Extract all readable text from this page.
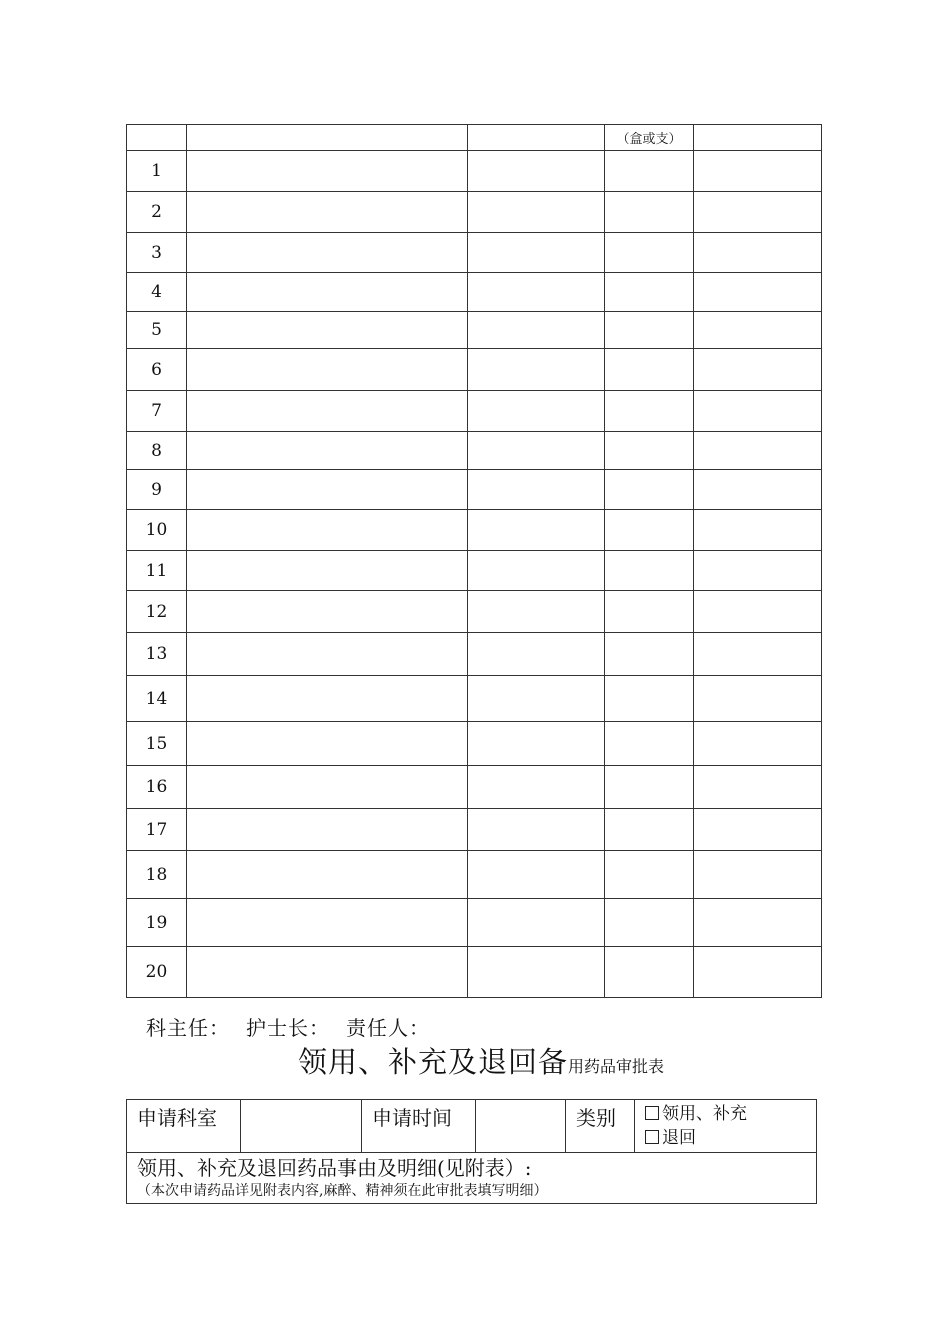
			（盒或支）	
1				
2				
3				
4				
5				
6				
7				
8				
9				
10				
11				
12				
13				
14				
15				
16				
17				
18				
19				
20				
科主任： 护士长： 责任人：
领用、补充及退回备用药品审批表
申请科室		申请时间		类别	领用、补充
退回

领用、补充及退回药品事由及明细(见附表）:
（本次申请药品详见附表内容,麻醉、精神须在此审批表填写明细）
